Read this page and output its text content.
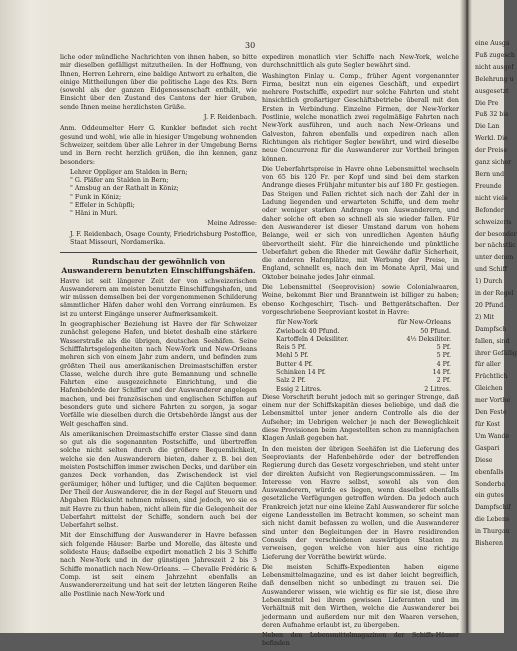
30

liche oder mündliche Nachrichten von ihnen haben, so bitte mir dieselben gefälligst mitzutheilen. In der Hoffnung, von Ihnen, Herren Lehrern, eine baldige Antwort zu erhalten, die einige Mittheilungen über die politische Lage des Kts. Bern (sowohl als der ganzen Eidgenossenschaft enthält, wie Einsicht über den Zustand des Cantons der hier Gruben, sende Ihnen meine herzlichsten Grüße.

J. F. Reidenbach.

Anm. Oddeumelter Herr G. Kunkler befindet sich recht gesund und wohl, wie alle in hiesiger Umgebung wohnenden Schweizer, seitdem über alle Lehrer in der Umgebung Berns und in Bern recht herzlich grüßen, die ihn kennen, ganz besonders:

Lehrer Oppliger am Stalden in Bern;
" G. Pläfer am Stalden in Bern;
" Amsbug an der Rathalt in Köniz;
" Funk in Köniz;
" Effeler in Schüpfli;
" Häni in Muri.

Meine Adresse:

J. F. Reidenbach, Osage County, Friedrichsburg Postoffice, Staat Missouri, Nordamerika.

Rundschau der gewöhnlich von Auswanderern benutzten Einschiffungshäfen.

Havre ist seit längerer Zeit der von schweizerischen Auswanderern am meisten benutzte Einschiffungshafen, und wir müssen demselben bei der vorgenommenen Schilderung sämmtlicher Häfen daher wohl den Vorrang einräumen. Es ist zu unterst Eingänge unserer Aufmerksamkeit.

In geographischer Beziehung ist Havre der für Schweizer zunächst gelegene Hafen, und bietet deshalb eine stärkere Wasserstraße als die übrigen, deutschen Seehäfen. Seine Schifffahrtsgelegenheiten nach New-York und New-Orleans mehren sich von einem Jahr zum andern, und befinden zum größten Theil aus amerikanischen Dreimastschiffen erster Classe, welche durch ihre gute Bemannung und schnelle Fahrten eine ausgezeichnete Einrichtung, und die Hafenbehörde der Schiffer und der Auswanderer angelegen machen, und bei französischen und englischen Schiffen auf besonders gute und sichere Fahrten zu sorgen, ja sogar Vorfälle wie dieselben durch die Ortsbehörde längst aus der Welt geschaffen sind.

Als amerikanischen Dreimastschiffe erster Classe sind dann so gut als die sogenannten Postschiffe, und übertreffen solche nicht selten durch die größere Bequemlichkeit, welche sie den Auswanderern bieten, daher z. B. bei den meisten Postschiffen immer zwischen Decks, und darüber ein ganzes Deck vorhanden, das Zwischendeck ist viel geräumiger, höher und luftiger, und die Cajüten bequemer. Der Theil der Auswanderer, die in der Regel auf Steuern und Abgaben Rücksicht nehmen müssen, sind jedoch, wo sie es mit Havre zu thun haben, nicht allein für die Gelegenheit der Ueberfahrt mittelst der Schiffe, sondern auch bei der Ueberfahrt selbst.

Mit der Einschiffung der Auswanderer in Havre befassen sich folgende Häuser: Barbe und Morelle, das älteste und solideste Haus; daßselbe expedirt monatlich 2 bis 3 Schiffe nach New-York und in der günstigen Jahreszeit 2 bis 3 Schiffe monatlich nach New-Orleans. — Chevalle Frédéric & Comp. ist seit einem Jahrzehnt ebenfalls an Auswandererzeitung und hat seit der letzten längeren Reihe alle Postlinie nach New-York und

expediren monatlich vier Schiffe nach New-York, welche durchschnittlich als gute Segler bewährt sind.

Washington Finlay u. Comp., früher Agent vorgenannter Firma, besitzt nun ein eigenes Geschäft, und expedirt mehrere Postschiffe, expedirt nur solche Fahrten und steht hinsichtlich großartiger Geschäftsbetriebe überall mit den Ersten in Verbindung. Einzelne Firmen, der New-Yorker Postlinie, welche monatlich zwei regelmäßige Fahrten nach New-York ausführen, und auch nach New-Orleans und Galveston, fahren ebenfalls und expediren nach allen Richtungen als richtiger Segler bewährt, und wird dieselbe neue Concurrenz für die Auswanderer zur Vortheil bringen können.

Die Ueberfahrtspreise in Havre ohne Lebensmittel wechseln von 65 bis 120 Fr. per Kopf und sind bei dem starken Andrange dieses Frühjahr mitunter bis auf 180 Fr. gestiegen. Das Steigen und Fallen richtet sich nach der Zahl der in Ladung liegenden und erwarteten Schiffe, und dem mehr oder weniger starken Andrange von Auswanderern, und daher solche oft eben so schnell als sie wieder fallen. Für den Auswanderer ist dieser Umstand darum von hohem Belange, weil er sich von unredlichen Agenten häufig übervortheilt sieht. Für die hinreichende und pünktliche Ueberfahrt geben die Rheder mit Gewähr dafür Sicherheit, die anderen Hafenplätze, mit Werbung der Preise, in England, schnellt es, nach den im Monate April, Mai und Oktober beinahe jedes Jahr einmal.

Die Lebensmittel (Seeprovision) sowie Colonialwaaren, Weine, bekommt Bier und Branntwein ist billiger zu haben; ebenso Kochgeschirr, Tisch- und Bettgerätschaften. Der vorgeschriebene Seeproviant kostet in Havre:

für New-York	für New-Orleans
Zwieback 40 Pfund.	50 Pfund.
Kartoffeln 4 Deksiliter.	4½ Deksiliter.
Reis 5 Pf.	5 Pf.
Mehl 5 Pf.	5 Pf.
Butter 4 Pf.	4 Pf.
Schinken 14 Pf.	14 Pf.
Salz 2 Pf.	2 Pf.
Essig 2 Litres.	2 Litres.

Diese Vorschrift beruht jedoch mit so geringer Strenge, daß einem nur der Schiffskapitän dieses beliebige, und daß die Lebensmittel unter jener andern Controlle als die der Aufseher; im Uebrigen welcher je nach der Beweglichkeit diese Provisionen beim Angestellten schon zu mannigfachen Klagen Anlaß gegeben hat.

In den meisten der übrigen Seehäfen ist die Lieferung des Seeproviants der Hafenbehörde oder der betreffenden Regierung durch das Gesetz vorgeschrieben, und steht unter der direkten Aufsicht von Regierungscommissären. — Im Interesse von Havre selbst, sowohl als von den Auswanderern, würde es liegen, wenn daselbst ebenfalls gesetzliche Verfügungen getroffen würden. Da jedoch auch Frankreich jetzt nur eine kleine Zahl Auswanderer für solche eigene Landesstellen im Betracht kommen, so scheint man sich nicht damit befassen zu wollen, und die Auswanderer sind unter den Begleitungen der in Havre residirenden Consuls der verschiedenen auswärtigen Staaten zu verweisen, gegen welche von hier aus eine richtige Lieferung der Vorräthe bewirkt würde.

Die meisten Schiffs-Expedienten haben eigene Lebensmittelmagazine, und es ist daher leicht begreiflich, daß denselben nicht so unbedingt zu trauen sei. Die Auswanderer wissen, wie wichtig es für sie ist, diese ihre Lebensmittel bei ihrem gewissen Lieferanten und im Verhältniß mit den Wirthen, welche die Auswanderer bei jedermann und außerdem nur mit den Waaren versehen, deren Aufnahme erlaubt ist, zu übergeben.

Neben den Lebensmittelmagazinen der Schiffs-Häuser befinden

eine Ausga
Fuß zugesch
nicht ausgef
Belehrung u
ausgesetzt
Die Pre
Fuß 32 bis
Die Lan
Werkl. Die
der Preise
ganz sicher
Bern und
Freunde
nicht viele
Befonder
schweizeris
der besonder
ber nächstlic
unter denen
und Schiff
1) Durch
in der Regel
20 Pfund.
2) Mit
Dampfsch
fallen, sind
ihrer Gefällig
für aller
Früchtlich
Gleichen
mer Vorthe
Den Feste
für Kost
Um Wande
Gaspari
Diese
ebenfalls
Sonderba
ein gutes
Dampfschif
die Lebens
in Thurgau
Bisheren
